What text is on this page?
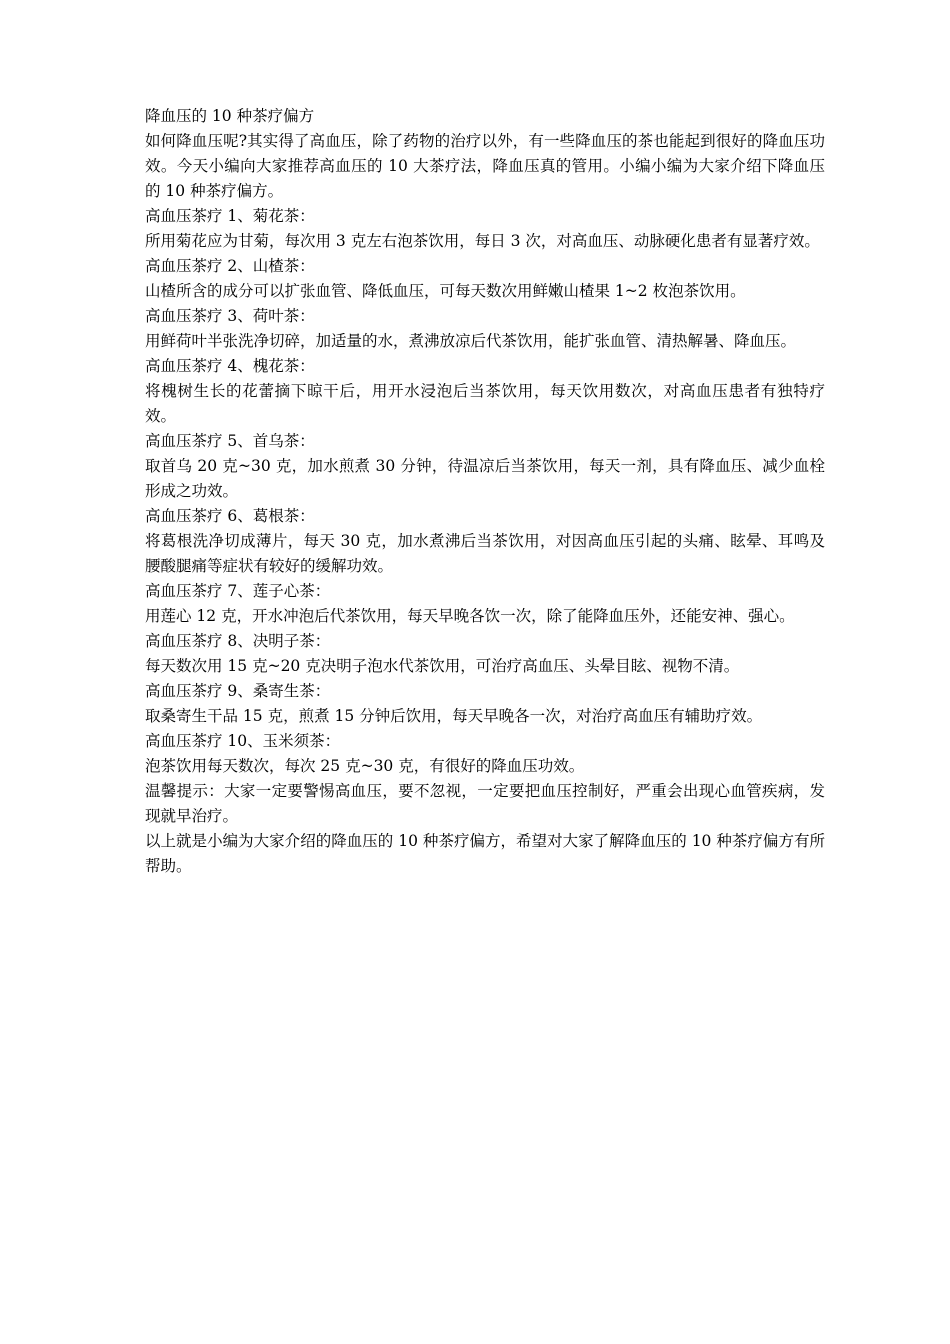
降血压的 10 种茶疗偏方

如何降血压呢?其实得了高血压，除了药物的治疗以外，有一些降血压的茶也能起到很好的降血压功效。今天小编向大家推荐高血压的 10 大茶疗法，降血压真的管用。小编小编为大家介绍下降血压的 10 种茶疗偏方。

高血压茶疗 1、菊花茶：

所用菊花应为甘菊，每次用 3 克左右泡茶饮用，每日 3 次，对高血压、动脉硬化患者有显著疗效。

高血压茶疗 2、山楂茶：

山楂所含的成分可以扩张血管、降低血压，可每天数次用鲜嫩山楂果 1~2 枚泡茶饮用。

高血压茶疗 3、荷叶茶：

用鲜荷叶半张洗净切碎，加适量的水，煮沸放凉后代茶饮用，能扩张血管、清热解暑、降血压。

高血压茶疗 4、槐花茶：

将槐树生长的花蕾摘下晾干后，用开水浸泡后当茶饮用，每天饮用数次，对高血压患者有独特疗效。

高血压茶疗 5、首乌茶：

取首乌 20 克~30 克，加水煎煮 30 分钟，待温凉后当茶饮用，每天一剂，具有降血压、减少血栓形成之功效。

高血压茶疗 6、葛根茶：

将葛根洗净切成薄片，每天 30 克，加水煮沸后当茶饮用，对因高血压引起的头痛、眩晕、耳鸣及腰酸腿痛等症状有较好的缓解功效。

高血压茶疗 7、莲子心茶：

用莲心 12 克，开水冲泡后代茶饮用，每天早晚各饮一次，除了能降血压外，还能安神、强心。

高血压茶疗 8、决明子茶：

每天数次用 15 克~20 克决明子泡水代茶饮用，可治疗高血压、头晕目眩、视物不清。

高血压茶疗 9、桑寄生茶：

取桑寄生干品 15 克，煎煮 15 分钟后饮用，每天早晚各一次，对治疗高血压有辅助疗效。

高血压茶疗 10、玉米须茶：

泡茶饮用每天数次，每次 25 克~30 克，有很好的降血压功效。

温馨提示：大家一定要警惕高血压，要不忽视，一定要把血压控制好，严重会出现心血管疾病，发现就早治疗。

以上就是小编为大家介绍的降血压的 10 种茶疗偏方，希望对大家了解降血压的 10 种茶疗偏方有所帮助。
